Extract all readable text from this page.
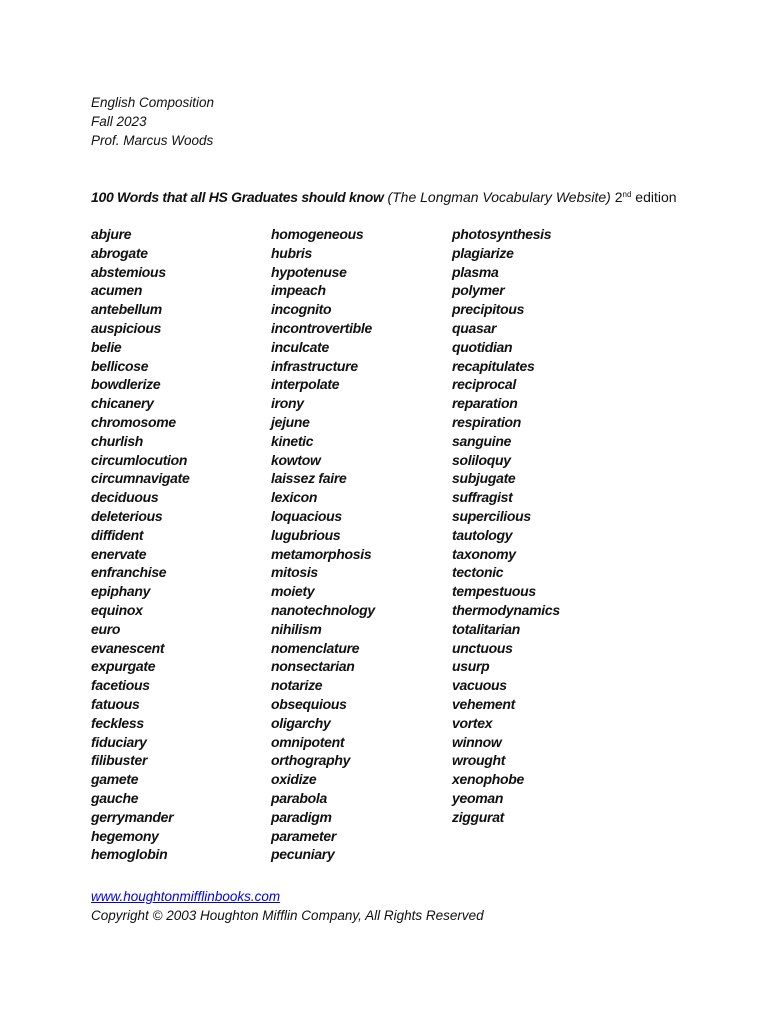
English Composition
Fall 2023
Prof. Marcus Woods
100 Words that all HS Graduates should know (The Longman Vocabulary Website) 2nd edition
abjure
abrogate
abstemious
acumen
antebellum
auspicious
belie
bellicose
bowdlerize
chicanery
chromosome
churlish
circumlocution
circumnavigate
deciduous
deleterious
diffident
enervate
enfranchise
epiphany
equinox
euro
evanescent
expurgate
facetious
fatuous
feckless
fiduciary
filibuster
gamete
gauche
gerrymander
hegemony
hemoglobin
homogeneous
hubris
hypotenuse
impeach
incognito
incontrovertible
inculcate
infrastructure
interpolate
irony
jejune
kinetic
kowtow
laissez faire
lexicon
loquacious
lugubrious
metamorphosis
mitosis
moiety
nanotechnology
nihilism
nomenclature
nonsectarian
notarize
obsequious
oligarchy
omnipotent
orthography
oxidize
parabola
paradigm
parameter
pecuniary
photosynthesis
plagiarize
plasma
polymer
precipitous
quasar
quotidian
recapitulates
reciprocal
reparation
respiration
sanguine
soliloquy
subjugate
suffragist
supercilious
tautology
taxonomy
tectonic
tempestuous
thermodynamics
totalitarian
unctuous
usurp
vacuous
vehement
vortex
winnow
wrought
xenophobe
yeoman
ziggurat
www.houghtonmifflinbooks.com
Copyright © 2003 Houghton Mifflin Company, All Rights Reserved
